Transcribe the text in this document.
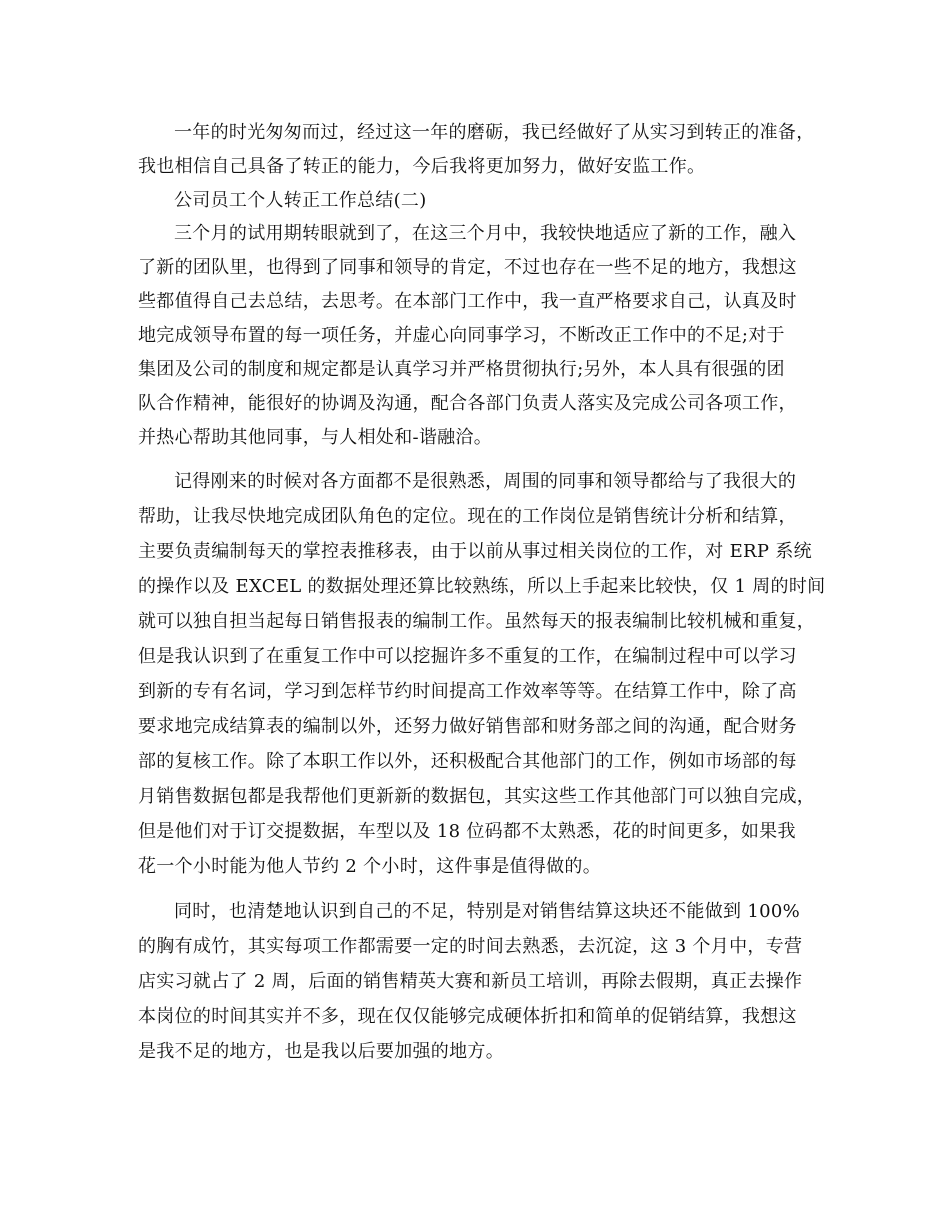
一年的时光匆匆而过，经过这一年的磨砺，我已经做好了从实习到转正的准备，
我也相信自己具备了转正的能力，今后我将更加努力，做好安监工作。
公司员工个人转正工作总结(二)
三个月的试用期转眼就到了，在这三个月中，我较快地适应了新的工作，融入
了新的团队里，也得到了同事和领导的肯定，不过也存在一些不足的地方，我想这
些都值得自己去总结，去思考。在本部门工作中，我一直严格要求自己，认真及时
地完成领导布置的每一项任务，并虚心向同事学习，不断改正工作中的不足;对于
集团及公司的制度和规定都是认真学习并严格贯彻执行;另外，本人具有很强的团
队合作精神，能很好的协调及沟通，配合各部门负责人落实及完成公司各项工作，
并热心帮助其他同事，与人相处和-谐融洽。
记得刚来的时候对各方面都不是很熟悉，周围的同事和领导都给与了我很大的
帮助，让我尽快地完成团队角色的定位。现在的工作岗位是销售统计分析和结算，
主要负责编制每天的掌控表推移表，由于以前从事过相关岗位的工作，对 ERP 系统
的操作以及 EXCEL 的数据处理还算比较熟练，所以上手起来比较快，仅 1 周的时间
就可以独自担当起每日销售报表的编制工作。虽然每天的报表编制比较机械和重复，
但是我认识到了在重复工作中可以挖掘许多不重复的工作，在编制过程中可以学习
到新的专有名词，学习到怎样节约时间提高工作效率等等。在结算工作中，除了高
要求地完成结算表的编制以外，还努力做好销售部和财务部之间的沟通，配合财务
部的复核工作。除了本职工作以外，还积极配合其他部门的工作，例如市场部的每
月销售数据包都是我帮他们更新新的数据包，其实这些工作其他部门可以独自完成，
但是他们对于订交提数据，车型以及 18 位码都不太熟悉，花的时间更多，如果我
花一个小时能为他人节约 2 个小时，这件事是值得做的。
同时，也清楚地认识到自己的不足，特别是对销售结算这块还不能做到 100%
的胸有成竹，其实每项工作都需要一定的时间去熟悉，去沉淀，这 3 个月中，专营
店实习就占了 2 周，后面的销售精英大赛和新员工培训，再除去假期，真正去操作
本岗位的时间其实并不多，现在仅仅能够完成硬体折扣和简单的促销结算，我想这
是我不足的地方，也是我以后要加强的地方。
